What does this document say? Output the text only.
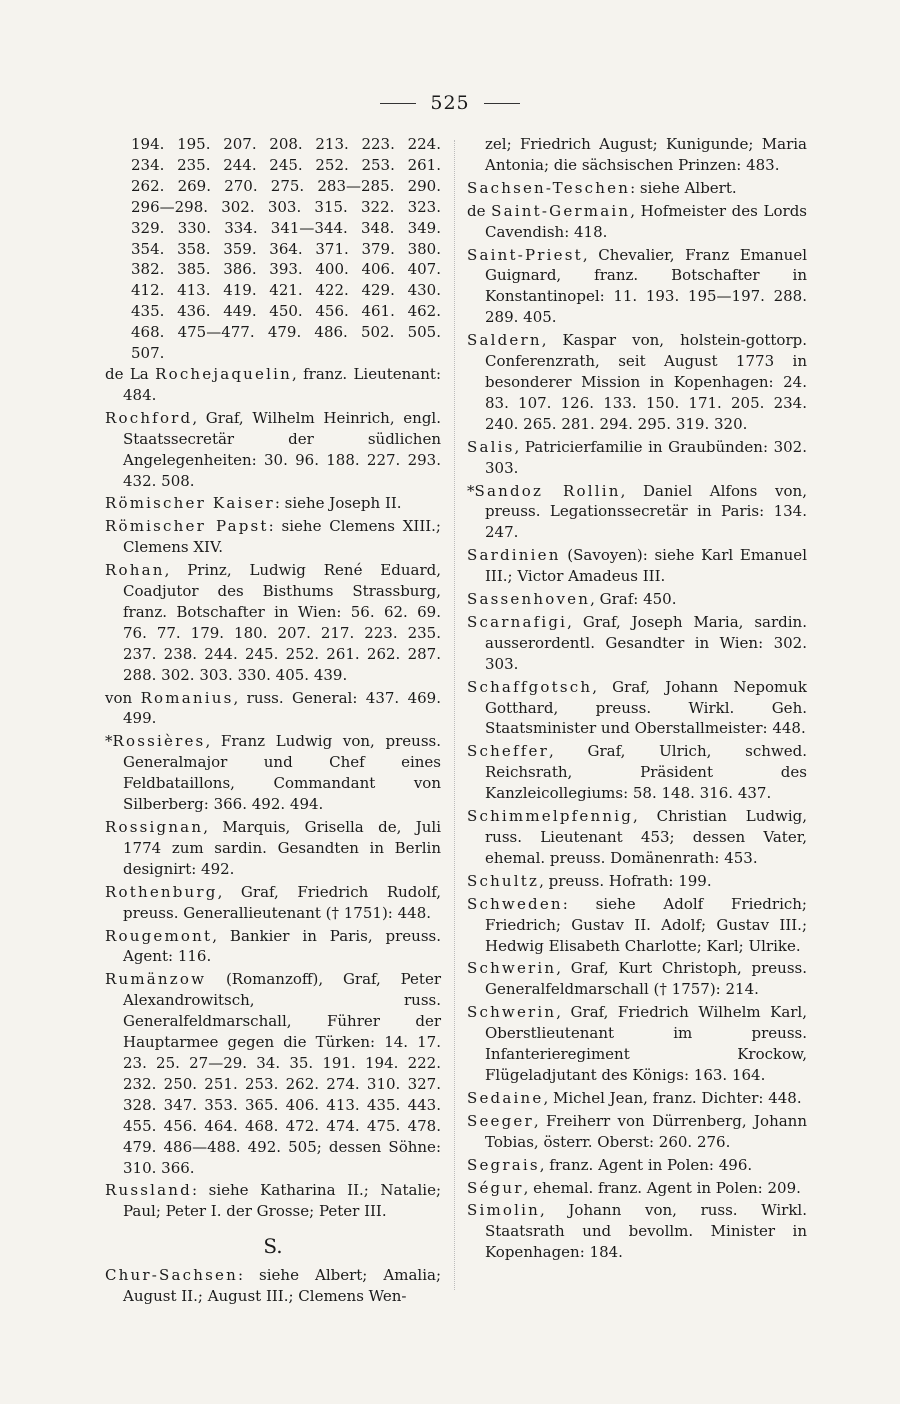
525
194. 195. 207. 208. 213. 223. 224.
234. 235. 244. 245. 252. 253. 261.
262. 269. 270. 275. 283—285. 290.
296—298. 302. 303. 315. 322. 323.
329. 330. 334. 341—344. 348. 349.
354. 358. 359. 364. 371. 379. 380.
382. 385. 386. 393. 400. 406. 407.
412. 413. 419. 421. 422. 429. 430.
435. 436. 449. 450. 456. 461. 462.
468. 475—477. 479. 486. 502. 505.
507.

de La Rochejaquelin, franz. Lieutenant: 484.

Rochford, Graf, Wilhelm Heinrich, engl. Staatssecretär der südlichen Angelegenheiten: 30. 96. 188. 227. 293. 432. 508.

Römischer Kaiser: siehe Joseph II.

Römischer Papst: siehe Clemens XIII.; Clemens XIV.

Rohan, Prinz, Ludwig René Eduard, Coadjutor des Bisthums Strassburg, franz. Botschafter in Wien: 56. 62. 69. 76. 77. 179. 180. 207. 217. 223. 235. 237. 238. 244. 245. 252. 261. 262. 287. 288. 302. 303. 330. 405. 439.

von Romanius, russ. General: 437. 469. 499.

*Rossières, Franz Ludwig von, preuss. Generalmajor und Chef eines Feldbataillons, Commandant von Silberberg: 366. 492. 494.

Rossignan, Marquis, Grisella de, Juli 1774 zum sardin. Gesandten in Berlin designirt: 492.

Rothenburg, Graf, Friedrich Rudolf, preuss. Generallieutenant († 1751): 448.

Rougemont, Bankier in Paris, preuss. Agent: 116.

Rumänzow (Romanzoff), Graf, Peter Alexandrowitsch, russ. Generalfeldmarschall, Führer der Hauptarmee gegen die Türken: 14. 17. 23. 25. 27—29. 34. 35. 191. 194. 222. 232. 250. 251. 253. 262. 274. 310. 327. 328. 347. 353. 365. 406. 413. 435. 443. 455. 456. 464. 468. 472. 474. 475. 478. 479. 486—488. 492. 505; dessen Söhne: 310. 366.

Russland: siehe Katharina II.; Natalie; Paul; Peter I. der Grosse; Peter III.

S.

Chur-Sachsen: siehe Albert; Amalia; August II.; August III.; Clemens Wen-

zel; Friedrich August; Kunigunde; Maria Antonia; die sächsischen Prinzen: 483.

Sachsen-Teschen: siehe Albert.

de Saint-Germain, Hofmeister des Lords Cavendish: 418.

Saint-Priest, Chevalier, Franz Emanuel Guignard, franz. Botschafter in Konstantinopel: 11. 193. 195—197. 288. 289. 405.

Saldern, Kaspar von, holstein-gottorp. Conferenzrath, seit August 1773 in besonderer Mission in Kopenhagen: 24. 83. 107. 126. 133. 150. 171. 205. 234. 240. 265. 281. 294. 295. 319. 320.

Salis, Patricierfamilie in Graubünden: 302. 303.

*Sandoz Rollin, Daniel Alfons von, preuss. Legationssecretär in Paris: 134. 247.

Sardinien (Savoyen): siehe Karl Emanuel III.; Victor Amadeus III.

Sassenhoven, Graf: 450.

Scarnafigi, Graf, Joseph Maria, sardin. ausserordentl. Gesandter in Wien: 302. 303.

Schaffgotsch, Graf, Johann Nepomuk Gotthard, preuss. Wirkl. Geh. Staatsminister und Oberstallmeister: 448.

Scheffer, Graf, Ulrich, schwed. Reichsrath, Präsident des Kanzleicollegiums: 58. 148. 316. 437.

Schimmelpfennig, Christian Ludwig, russ. Lieutenant 453; dessen Vater, ehemal. preuss. Domänenrath: 453.

Schultz, preuss. Hofrath: 199.

Schweden: siehe Adolf Friedrich; Friedrich; Gustav II. Adolf; Gustav III.; Hedwig Elisabeth Charlotte; Karl; Ulrike.

Schwerin, Graf, Kurt Christoph, preuss. Generalfeldmarschall († 1757): 214.

Schwerin, Graf, Friedrich Wilhelm Karl, Oberstlieutenant im preuss. Infanterieregiment Krockow, Flügeladjutant des Königs: 163. 164.

Sedaine, Michel Jean, franz. Dichter: 448.

Seeger, Freiherr von Dürrenberg, Johann Tobias, österr. Oberst: 260. 276.

Segrais, franz. Agent in Polen: 496.

Ségur, ehemal. franz. Agent in Polen: 209.

Simolin, Johann von, russ. Wirkl. Staatsrath und bevollm. Minister in Kopenhagen: 184.
